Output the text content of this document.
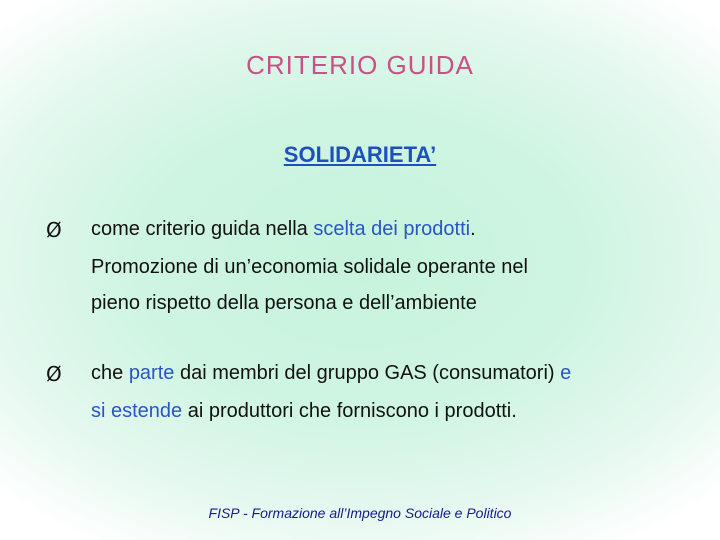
CRITERIO GUIDA
SOLIDARIETA’
Ø come criterio guida nella scelta dei prodotti.
Promozione di un’economia solidale operante nel
pieno rispetto della persona e dell’ambiente
Ø che parte dai membri del gruppo GAS (consumatori) e
si estende ai produttori che forniscono i prodotti.
FISP - Formazione all’Impegno Sociale e Politico
